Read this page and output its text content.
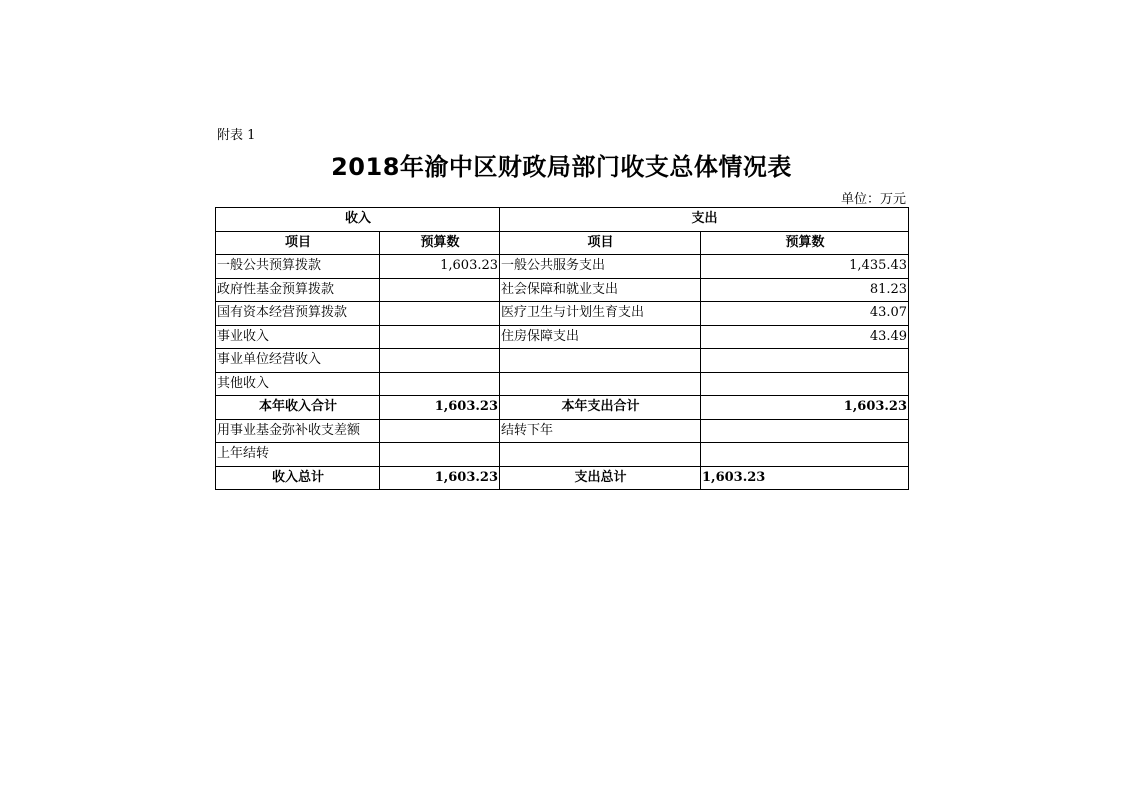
附表 1
2018年渝中区财政局部门收支总体情况表
单位：万元
收入		支出	
项目	预算数	项目	预算数
一般公共预算拨款	1,603.23	一般公共服务支出	1,435.43
政府性基金预算拨款		社会保障和就业支出	81.23
国有资本经营预算拨款		医疗卫生与计划生育支出	43.07
事业收入		住房保障支出	43.49
事业单位经营收入			
其他收入			
本年收入合计	1,603.23	本年支出合计	1,603.23
用事业基金弥补收支差额		结转下年	
上年结转			
收入总计	1,603.23	支出总计	1,603.23
